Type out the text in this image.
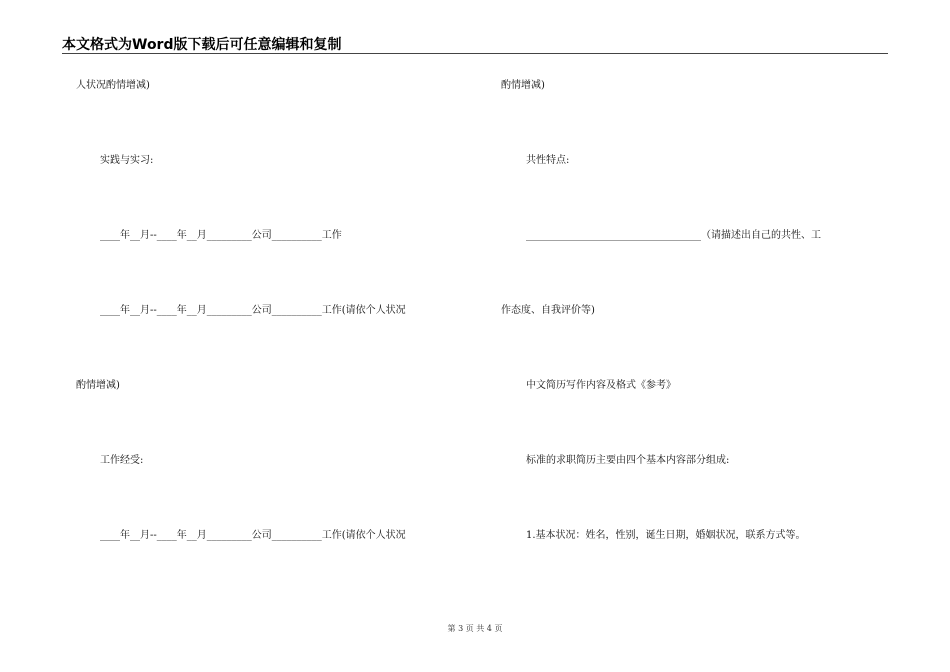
本文格式为Word版下载后可任意编辑和复制
人状况酌情增减)
实践与实习:
____年__月--____年__月_________公司__________工作
____年__月--____年__月_________公司__________工作(请依个人状况
酌情增减)
工作经受:
____年__月--____年__月_________公司__________工作(请依个人状况
酌情增减)
共性特点:
___________________________________（请描述出自己的共性、工
作态度、自我评价等)
中文简历写作内容及格式《参考》
标准的求职简历主要由四个基本内容部分组成:
1.基本状况：姓名，性别，诞生日期，婚姻状况，联系方式等。
第 3 页 共 4 页
